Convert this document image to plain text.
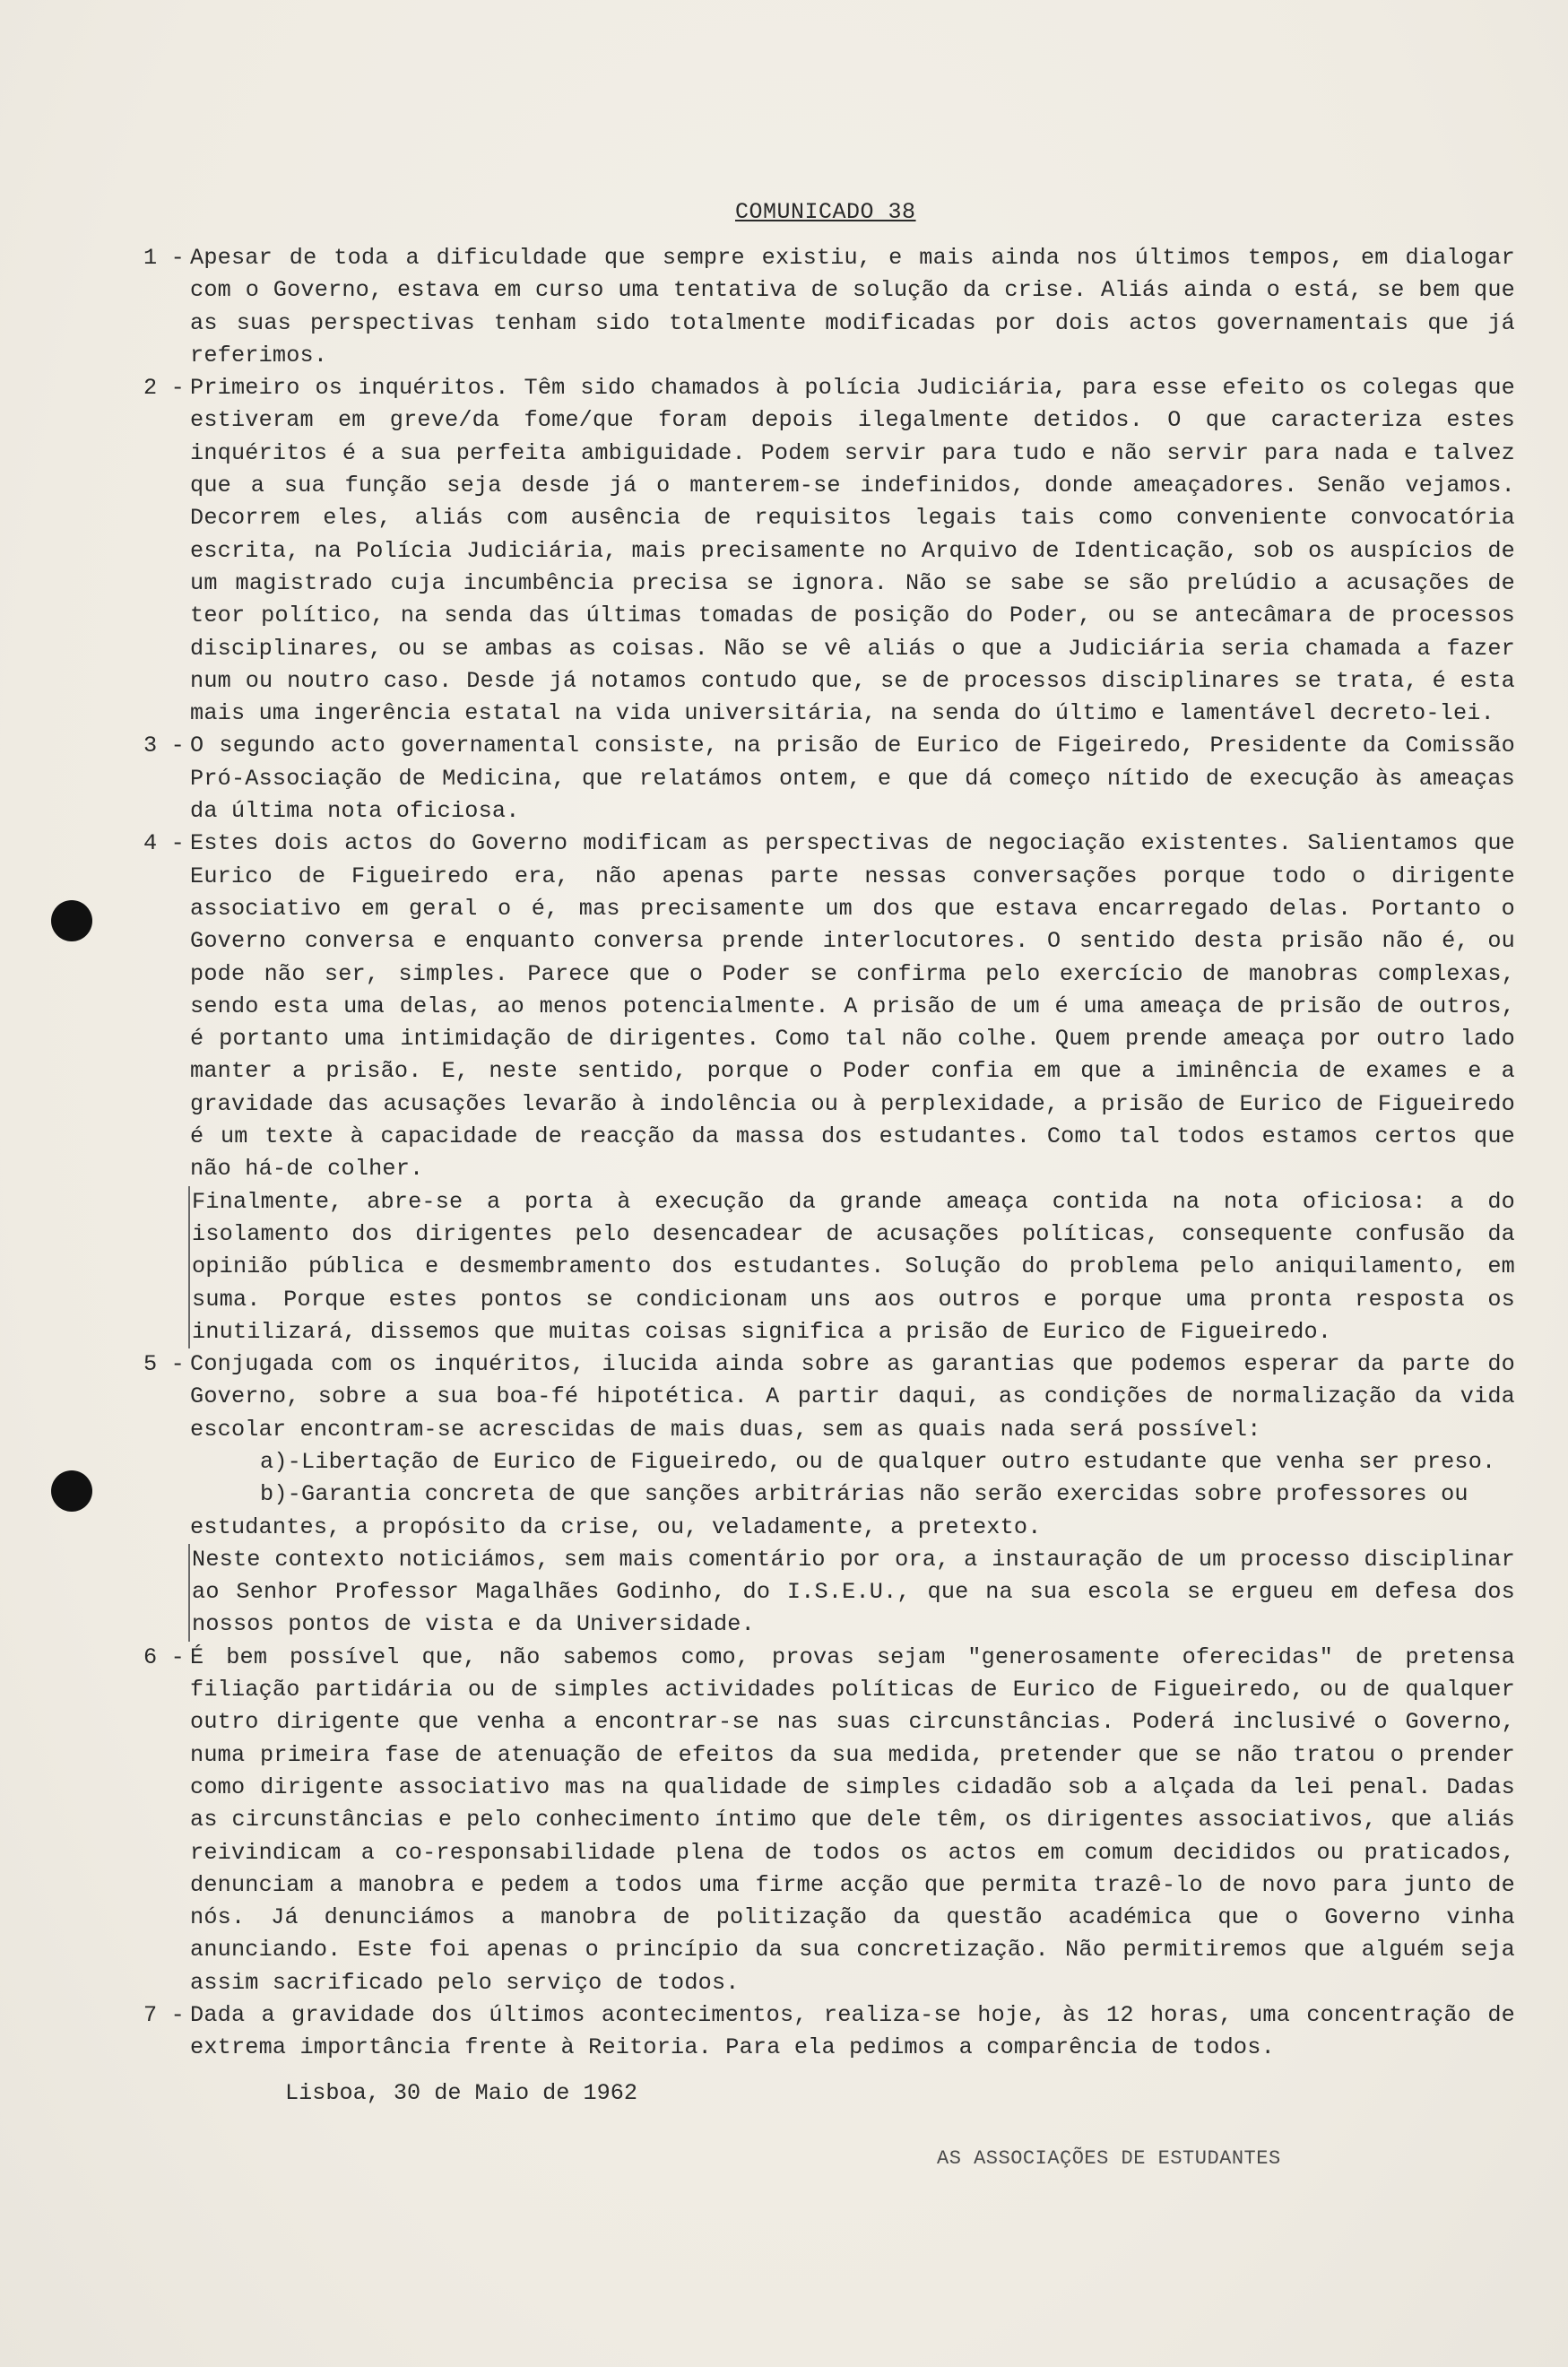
COMUNICADO 38
1 - Apesar de toda a dificuldade que sempre existiu, e mais ainda nos últimos tempos, em dialogar com o Governo, estava em curso uma tentativa de solução da crise. Aliás ainda o está, se bem que as suas perspectivas tenham sido totalmente modificadas por dois actos governamentais que já referimos.
2 - Primeiro os inquéritos. Têm sido chamados à polícia Judiciária, para esse efeito os colegas que estiveram em greve/da fome/que foram depois ilegalmente detidos. O que caracteriza estes inquéritos é a sua perfeita ambiguidade. Podem servir para tudo e não servir para nada e talvez que a sua função seja desde já o manterem-se indefinidos, donde ameaçadores. Senão vejamos. Decorrem eles, aliás com ausência de requisitos legais tais como conveniente convocatória escrita, na Polícia Judiciária, mais precisamente no Arquivo de Identicação, sob os auspícios de um magistrado cuja incumbência precisa se ignora. Não se sabe se são prelúdio a acusações de teor político, na senda das últimas tomadas de posição do Poder, ou se antecâmara de processos disciplinares, ou se ambas as coisas. Não se vê aliás o que a Judiciária seria chamada a fazer num ou noutro caso. Desde já notamos contudo que, se de processos disciplinares se trata, é esta mais uma ingerência estatal na vida universitária, na senda do último e lamentável decreto-lei.
3 - O segundo acto governamental consiste, na prisão de Eurico de Figeiredo, Presidente da Comissão Pró-Associação de Medicina, que relatámos ontem, e que dá começo nítido de execução às ameaças da última nota oficiosa.
4 - Estes dois actos do Governo modificam as perspectivas de negociação existentes. Salientamos que Eurico de Figueiredo era, não apenas parte nessas conversações porque todo o dirigente associativo em geral o é, mas precisamente um dos que estava encarregado delas. Portanto o Governo conversa e enquanto conversa prende interlocutores. O sentido desta prisão não é, ou pode não ser, simples. Parece que o Poder se confirma pelo exercício de manobras complexas, sendo esta uma delas, ao menos potencialmente. A prisão de um é uma ameaça de prisão de outros, é portanto uma intimidação de dirigentes. Como tal não colhe. Quem prende ameaça por outro lado manter a prisão. E, neste sentido, porque o Poder confia em que a iminência de exames e a gravidade das acusações levarão à indolência ou à perplexidade, a prisão de Eurico de Figueiredo é um texte à capacidade de reacção da massa dos estudantes. Como tal todos estamos certos que não há-de colher.
Finalmente, abre-se a porta à execução da grande ameaça contida na nota oficiosa: a do isolamento dos dirigentes pelo desencadear de acusações políticas, consequente confusão da opinião pública e desmembramento dos estudantes. Solução do problema pelo aniquilamento, em suma. Porque estes pontos se condicionam uns aos outros e porque uma pronta resposta os inutilizará, dissemos que muitas coisas significa a prisão de Eurico de Figueiredo.
5 - Conjugada com os inquéritos, ilucida ainda sobre as garantias que podemos esperar da parte do Governo, sobre a sua boa-fé hipotética. A partir daqui, as condições de normalização da vida escolar encontram-se acrescidas de mais duas, sem as quais nada será possível:
a)-Libertação de Eurico de Figueiredo, ou de qualquer outro estudante que venha ser preso.
b)-Garantia concreta de que sanções arbitrárias não serão exercidas sobre professores ou
estudantes, a propósito da crise, ou, veladamente, a pretexto.
Neste contexto noticiámos, sem mais comentário por ora, a instauração de um processo disciplinar ao Senhor Professor Magalhães Godinho, do I.S.E.U., que na sua escola se ergueu em defesa dos nossos pontos de vista e da Universidade.
6 - É bem possível que, não sabemos como, provas sejam "generosamente oferecidas" de pretensa filiação partidária ou de simples actividades políticas de Eurico de Figueiredo, ou de qualquer outro dirigente que venha a encontrar-se nas suas circunstâncias. Poderá inclusivé o Governo, numa primeira fase de atenuação de efeitos da sua medida, pretender que se não tratou o prender como dirigente associativo mas na qualidade de simples cidadão sob a alçada da lei penal. Dadas as circunstâncias e pelo conhecimento íntimo que dele têm, os dirigentes associativos, que aliás reivindicam a co-responsabilidade plena de todos os actos em comum decididos ou praticados, denunciam a manobra e pedem a todos uma firme acção que permita trazê-lo de novo para junto de nós. Já denunciámos a manobra de politização da questão académica que o Governo vinha anunciando. Este foi apenas o princípio da sua concretização. Não permitiremos que alguém seja assim sacrificado pelo serviço de todos.
7 - Dada a gravidade dos últimos acontecimentos, realiza-se hoje, às 12 horas, uma concentração de extrema importância frente à Reitoria. Para ela pedimos a comparência de todos.
Lisboa, 30 de Maio de 1962
AS ASSOCIAÇÕES DE ESTUDANTES
